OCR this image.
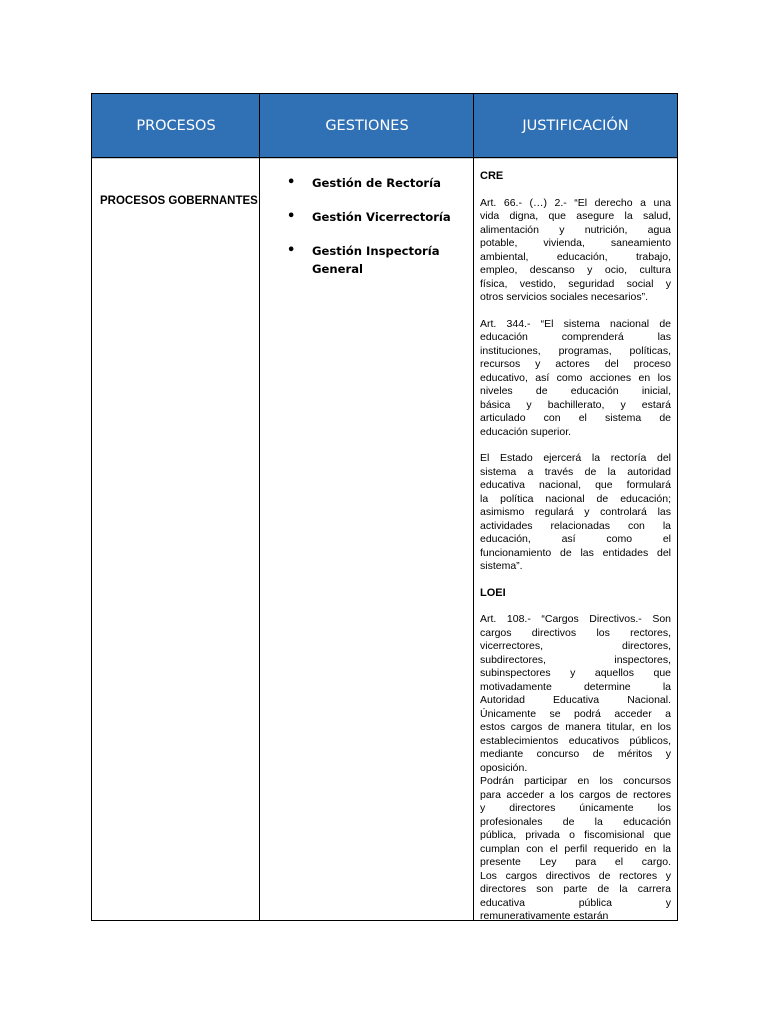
PROCESOS	GESTIONES	JUSTIFICACIÓN
PROCESOS GOBERNANTES
• Gestión de Rectoría
• Gestión Vicerrectoría
• Gestión Inspectoría
General
CRE
Art. 66.- (…) 2.- “El derecho a una
vida digna, que asegure la salud,
alimentación y nutrición, agua
potable, vivienda, saneamiento
ambiental, educación, trabajo,
empleo, descanso y ocio, cultura
física, vestido, seguridad social y
otros servicios sociales necesarios”.
Art. 344.- “El sistema nacional de
educación comprenderá las
instituciones, programas, políticas,
recursos y actores del proceso
educativo, así como acciones en los
niveles de educación inicial,
básica y bachillerato, y estará
articulado con el sistema de
educación superior.
El Estado ejercerá la rectoría del
sistema a través de la autoridad
educativa nacional, que formulará
la política nacional de educación;
asimismo regulará y controlará las
actividades relacionadas con la
educación, así como el
funcionamiento de las entidades del
sistema”.
LOEI
Art. 108.- “Cargos Directivos.- Son
cargos directivos los rectores,
vicerrectores, directores,
subdirectores, inspectores,
subinspectores y aquellos que
motivadamente determine la
Autoridad Educativa Nacional.
Únicamente se podrá acceder a
estos cargos de manera titular, en los
establecimientos educativos públicos,
mediante concurso de méritos y
oposición.
Podrán participar en los concursos
para acceder a los cargos de rectores
y directores únicamente los
profesionales de la educación
pública, privada o fiscomisional que
cumplan con el perfil requerido en la
presente Ley para el cargo.
Los cargos directivos de rectores y
directores son parte de la carrera
educativa pública y
remunerativamente estarán
